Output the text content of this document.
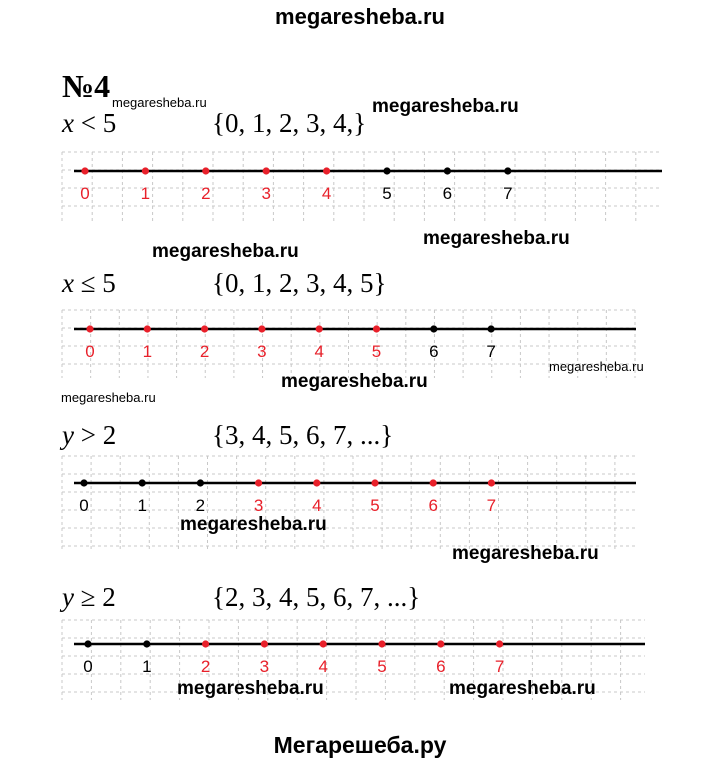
megaresheba.ru
№4
x < 5	{0, 1, 2, 3, 4,}
x ≤ 5	{0, 1, 2, 3, 4, 5}
y > 2	{3, 4, 5, 6, 7, ...}
y ≥ 2	{2, 3, 4, 5, 6, 7, ...}
0	1	2	3	4	5	6	7
0	1	2	3	4	5	6	7
0	1	2	3	4	5	6	7
0	1	2	3	4	5	6	7
megaresheba.ru	megaresheba.ru
megaresheba.ru
megaresheba.ru
megaresheba.ru
megaresheba.ru
megaresheba.ru
megaresheba.ru
megaresheba.ru
megaresheba.ru	megaresheba.ru
Мегарешеба.ру
